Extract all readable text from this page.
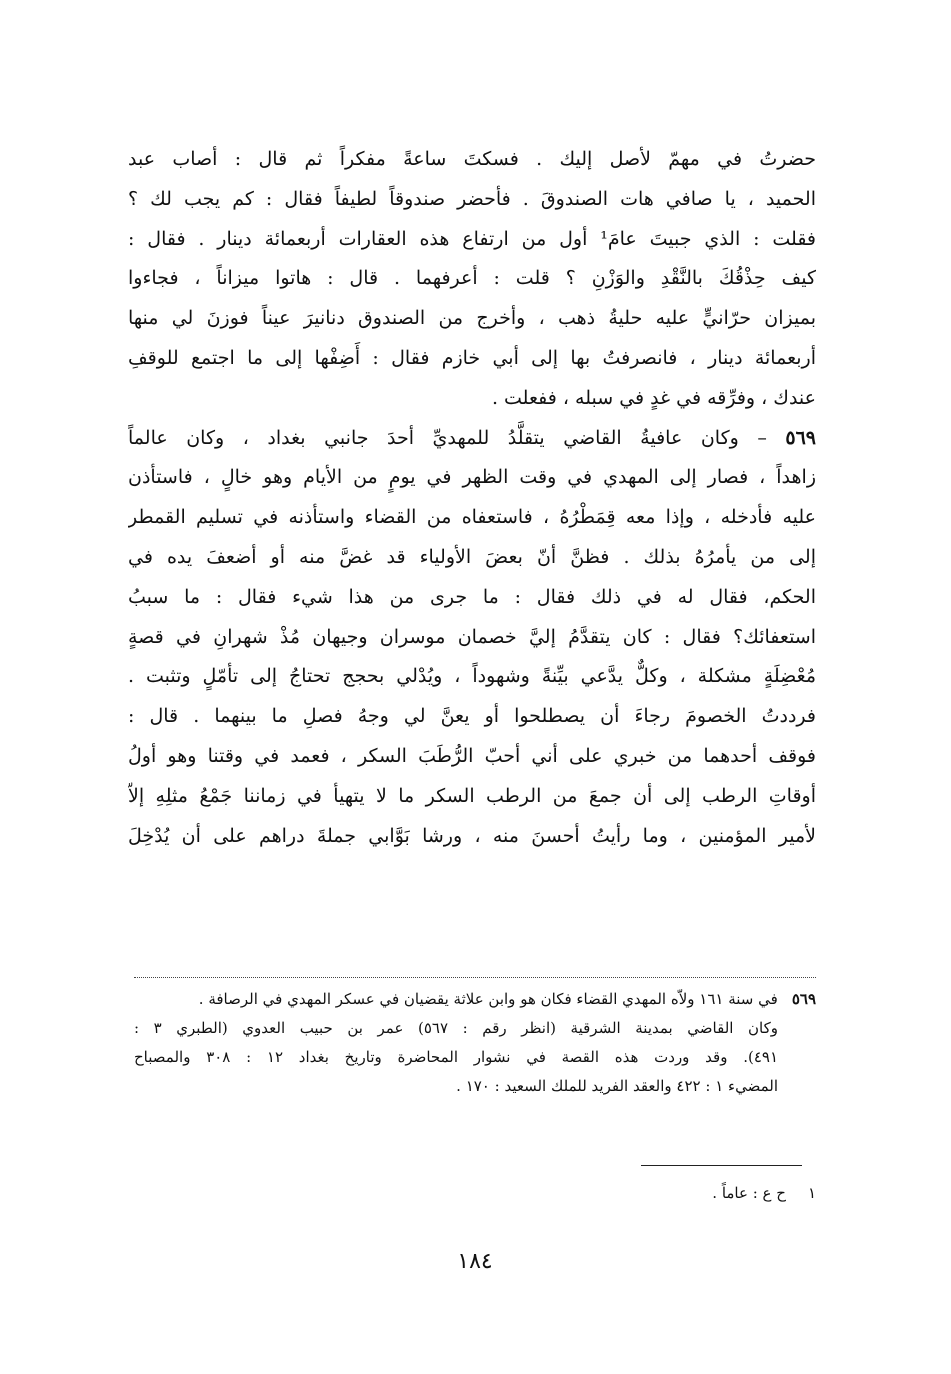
حضرتُ في مهمّ لأصل إليك . فسكتَ ساعةً مفكراً ثم قال : أصاب عبد
الحميد ، يا صافي هات الصندوقَ . فأحضر صندوقاً لطيفاً فقال : كم يجب لك ؟
فقلت : الذي جبيتَ عامَ¹ أول من ارتفاع هذه العقارات أربعمائة دينار . فقال :
كيف حِذْقُكَ بالنَّقْدِ والوَزْنِ ؟ قلت : أعرفهما . قال : هاتوا ميزاناً ، فجاءوا
بميزان حرّانيٍّ عليه حليةُ ذهب ، وأخرج من الصندوق دنانيرَ عيناً فوزنَ لي منها
أربعمائة دينار ، فانصرفتُ بها إلى أبي خازم فقال : أَضِفْها إلى ما اجتمع للوقفِ
عندك ، وفرِّقه في غدٍ في سبله ، ففعلت .
٥٦٩ – وكان عافيةُ القاضي يتقلَّدُ للمهديِّ أحدَ جانبي بغداد ، وكان عالماً
زاهداً ، فصار إلى المهدي في وقت الظهر في يومٍ من الأيام وهو خالٍ ، فاستأذن
عليه فأدخله ، وإذا معه قِمَطْرُهُ ، فاستعفاه من القضاء واستأذنه في تسليم القمطر
إلى من يأمرُهُ بذلك . فظنَّ أنّ بعضَ الأولياء قد غضَّ منه أو أضعفَ يده في
الحكم، فقال له في ذلك فقال : ما جرى من هذا شيء فقال : ما سببُ
استعفائك؟ فقال : كان يتقدَّمُ إليَّ خصمان موسران وجيهان مُذْ شهرانِ في قصةٍ
مُعْضِلَةٍ مشكلة ، وكلٌّ يدَّعي بيِّنةً وشهوداً ، ويُدْلي بحجج تحتاجُ إلى تأمّلٍ وتثبت .
فرددتُ الخصومَ رجاءَ أن يصطلحوا أو يعنَّ لي وجهُ فصلِ ما بينهما . قال :
فوقف أحدهما من خبري على أني أحبّ الرُّطَبَ السكر ، فعمد في وقتنا وهو أولُ
أوقاتِ الرطب إلى أن جمعَ من الرطب السكر ما لا يتهيأ في زماننا جَمْعُ مثلِهِ إلاّ
لأمير المؤمنين ، وما رأيتُ أحسنَ منه ، ورشا بَوَّابي جملةَ دراهم على أن يُدْخِلَ
٥٦٩في سنة ١٦١ ولاّه المهدي القضاء فكان هو وابن علاثة يقضيان في عسكر المهدي في الرصافة .
وكان القاضي بمدينة الشرقية (انظر رقم : ٥٦٧) عمر بن حبيب العدوي (الطبري ٣ :
٤٩١). وقد وردت هذه القصة في نشوار المحاضرة وتاريخ بغداد ١٢ : ٣٠٨ والمصباح
المضيء ١ : ٤٢٢ والعقد الفريد للملك السعيد : ١٧٠ .
١ح ع : عاماً .
١٨٤
